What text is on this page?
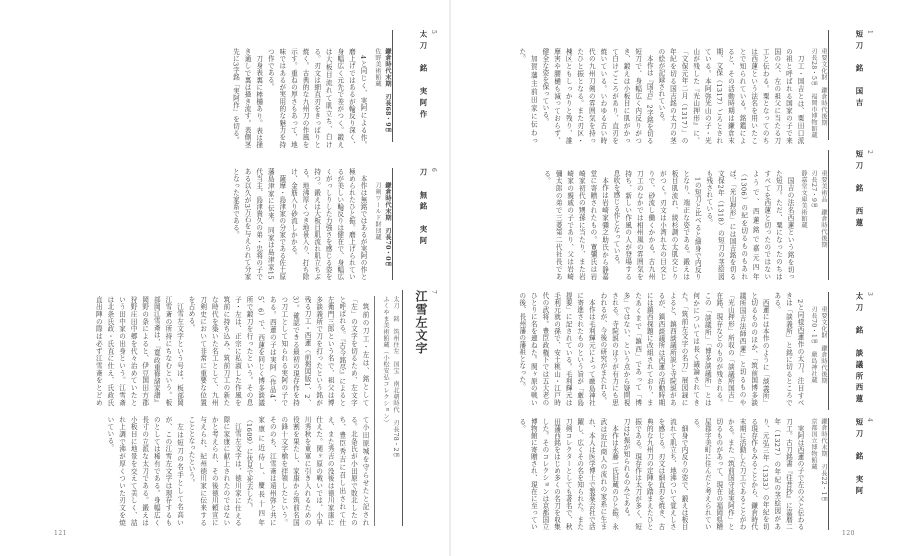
1
短刀　銘　国吉
重要文化財　鎌倉時代後期
刃長28・5㎝　福岡市博物館蔵

刀工・国吉とは、粟田口派の祖と呼ばれる国家の子で来国の父、左の祖父に当たる刀工と伝わる。粟となってのちは西蓮という法名を用いたことで知られている。銘鑑によると、その活動時期は鎌倉末期、文保（1317）ごろとされている。本阿弥光山の子・光山が残した『光山押形』に、「文保元年二月（1317）」の年紀を切る国吉銘の太刀の茎の絵が記録されている。

本作は『国吉』2字銘を切る短刀で、身幅広く内反りがつき、鍛えは小板目に肌がかって白けごころがあり、直刃を焼いている。いわゆる古い時代の九州刀剣の雰囲気を持ったひと振となる。また刃区・棟区ともしっかりと残り、誰摩害や腰樋も減っておらず、健全な姿を保っている。

加賀藩主前田家に伝わった。

2
短刀　銘　西蓮
重要美術品　鎌倉時代後期
刃長27・9㎝
静嘉堂文庫美術館蔵

国吉の法名西蓮という銘を切った短刀。ただ、粟になったのちはすべてを西蓮と切ったのではないようで、西蓮銘で嘉元四年（1306）の紀を切るものもあれば、「光山押形」には国吉銘を切る文保2年（1318）の短刀の茎絵図も残されている。

1の短刀と比べると細身で内反りとなり、端正な姿である。鍛えは板目肌流れ、綾杉調の太肌交じりがつく。刃文は小湾れ太の目交じりで、砂流し働くかかる。古九州刀工のなかでは相州風の雰囲気を持ち、新しい作風の人が登場する息吹を感じる作となっている。

本作は岩崎家彌之助氏から静嘉堂に寄贈されたもの。寛彌氏は岩崎家初代の甥孫に当たり、また岩崎家の親戚の子であり、父は岩崎彌太郎の弟で三菱第二代社長である。

3
太刀　銘　談議所西蓮
重要文化財　鎌倉時代後期
刃長70・1㎝　厳島神社蔵

2と同様西蓮作の太刀。注目すべきは「談義所」と銘に切るところである。

西蓮には本作のように「談義所」と切るもののほか、「筑前国博多談議所国吉法師西蓮」と切るものや「光山押形」所収の「談議所国吉」在銘、現存などのものが残される。この「談議所」「博多談議所」とは何かについては長く議論されてきた。「筑前左文字の名刀」展図録によると、鎮西談議所説と寺院説があるが、鎮西談議所は西蓮の活動時期には鎮西探題に改組されており、またあくまで「鎮西」であって「博多」ではない、という点から疑問視される。寺院説のほうが有力にも思われるが、今後の研究がまたれる。

本作は毛利輝元によって厳島神社に寄進されたものという旨が「厳島提要」に記されている。毛利輝元は毛利元就の孫で、安土桃山・江戸時代の武将。豊臣政権下では五大老のひとりに名を連ねた。関ヶ原の戦いの後、長州藩の藩祖となった。

4
短刀　銘　実阿
鎌倉時代末期　刃長22・1㎝
京都国立博物館蔵

実阿は西蓮の子で左の父と伝わる刀工。古刀銘書『往昔抄』に嘉暦二年（1327）の年紀の茎絵図があり、元弘三年（1333）の年紀を切る現存作もみることから、鎌倉時代末期に活動した刀工であることがわかる。また「筑前国守延実阿作」と切るものがあって、現在の福岡県糟屋郡宇美町に住んだと考えられている。

細身で内反りの姿で、鍛えは板目流れて肌立ち、地沸ついて覚えしさを感じる。刃文は細直刃を焼き、古典的な九州刀の定陣を踏まえたひと振である。現存作は太刀が多く、短刀は2振が知られるのみである。

本作は永藤一氏旧蔵のひと振。永武は近江商人の流れの家系に生まれ、本人は医学博士で製薬会社で活躍し、広くその名を知られた。また刀剣コレクターとしても著名で、秋田藩西銘をはじめ多くの名刀を収集した。そのコレクションは京都国立博物館に寄贈され、現在に至っている。

120
5
太刀　銘　実阿作
鎌倉時代末期　刃長68・9㎝
佐野美術館蔵

4と同じく、実阿による作。磨上げではあるが輪反り深く、身幅広く元先で差がつく。鍛えは大板目流れて肌立ち、白ける。刃文は細直刃をきっぱりと焼く。古典的な九州刀の作風を示す。重ねの厚さもあって、地味ではあるが実用的な魅力を持つ作である。

刀身表裏に棒樋あり。表は掻き通しで裏は掻き流す。表側茎先に3字銘「実阿作」を切る。

6
刀　無銘　実阿
鎌倉時代末期　刃長70・0㎝
刀剣ワールド財団蔵

本作は無銘ではあるが実阿の作と極められたひと振。磨上げられているが美しい輪反りは健在で、身幅広くがっしりした力強さを感じる姿を持つ。鍛えは大板目肌流れ肌立ちぶる。地沸厚くつき地景入り、打ち除け、金筋入り砂流しかかる。

薩摩・島津家の分家である佐土原藩島津家に伝来。同家は島津家15代当主、島津貴久の弟・忠将の子である以久が3万石を与えられて分家となった家系である。

7
江雪左文字
太刀　銘　筑州住左　国宝　南北朝時代　刃長78・2㎝
ふくやま美術館蔵（小松安弘コレクション）

筑前の刀工・左は、銘として「左」の文字を切るため、左文字と呼ばれる。『古今銘尽』によると左衛門三郎という名で、祖父は博多談義所で刀を打ったという銘が残る刀工・西蓮（前掲図版1、2、3）。確認できる最初の現存作を持つ刀工として知られる実阿の子である。西蓮の子は実阿（作品4、5、6）で、西蓮を同じく博多談議所で鍛刀を行ったという。その息子・左は、正宗に私淑した作風を筑前に持ち込み、筑前刀工の新たな時代を築いた名工として、九州刀剣史において非常に重要な位置を占める。

江雪左文字という号は、板部岡江雪斎の所持にちなむという。板部岡江雪斎は、『寛政重修諸家譜』岡野の条によると、伊豆国田方郡狩野庄田中郷を代々治めていたという田中家の出身という。江雪斎は北条氏政・氏直に仕え、氏政氏直出陣の際は必ず江雪斎をとどめて小田原城を守らせたと記される。北条氏が小田原で敗北したのち、豊臣秀吉に召し出されて仕え、また秀吉の没後は徳川家康に仕えた。関ヶ原の戦いでは、小早川秀秋を東軍に引き入れるための役割を果たし、家康から筑前名国の鋒十文字槍を拝領したという。そののち、江雪斎は遠州弥と共に家康に近侍し、慶長十四年（1609）に伏見で死去した。

江雪左文字は、徳川家に仕える際に家康に献上されたのではないかと考えられ、その後徳川頼宣に与えられ、紀州徳川家に伝来することとなったという。

左は短刀の名手として名高いが、この江雪左文字は現存するものとしては稀有である。身幅広く長寸の立派な太刀である。鍛えは小板目に地景を交えて美しく、詰れ上調で沸が厚くついた刃文を焼いている。

121
